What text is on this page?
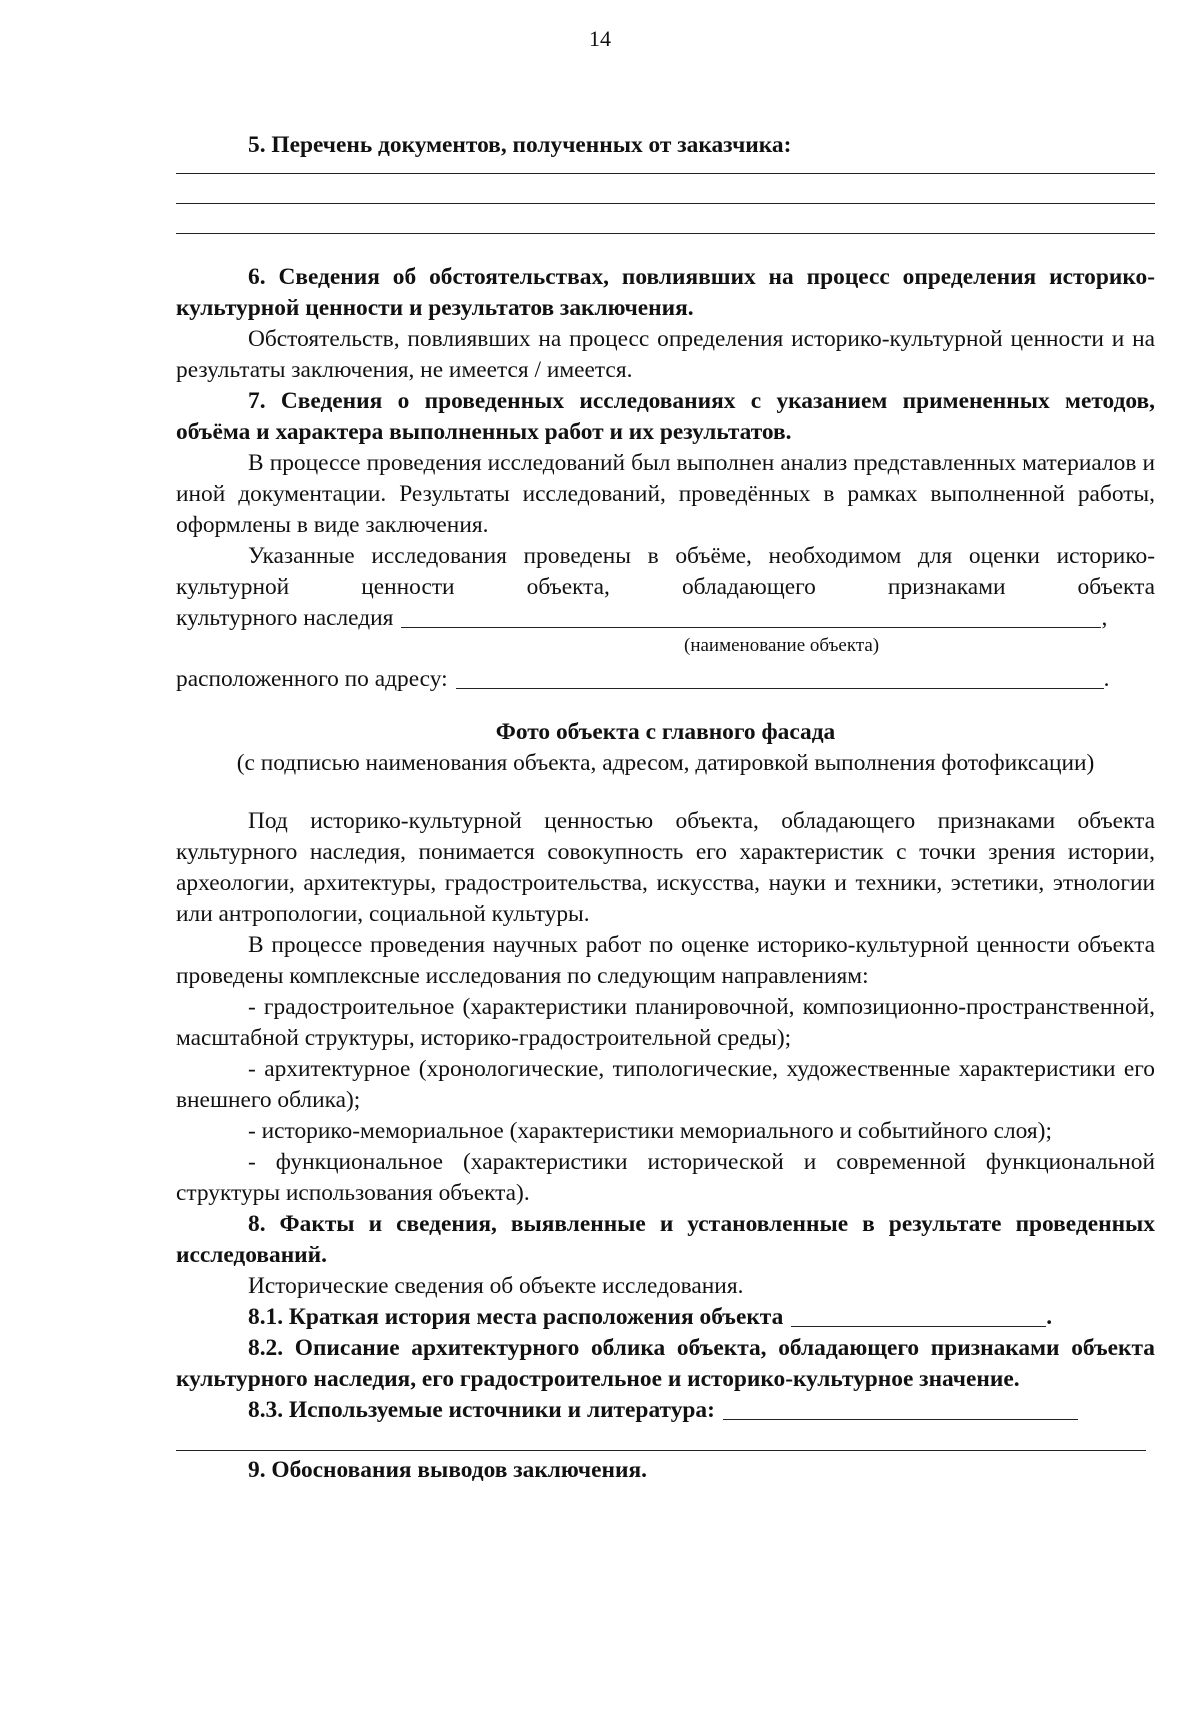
14

5. Перечень документов, полученных от заказчика:

6. Сведения об обстоятельствах, повлиявших на процесс определения историко-культурной ценности и результатов заключения.

Обстоятельств, повлиявших на процесс определения историко-культурной ценности и на результаты заключения, не имеется / имеется.

7. Сведения о проведенных исследованиях с указанием примененных методов, объёма и характера выполненных работ и их результатов.

В процессе проведения исследований был выполнен анализ представленных материалов и иной документации. Результаты исследований, проведённых в рамках выполненной работы, оформлены в виде заключения.

Указанные исследования проведены в объёме, необходимом для оценки историко-культурной ценности объекта, обладающего признаками объекта

культурного наследия	,
(наименование объекта)
расположенного по адресу:	.

Фото объекта с главного фасада

(с подписью наименования объекта, адресом, датировкой выполнения фотофиксации)

Под историко-культурной ценностью объекта, обладающего признаками объекта культурного наследия, понимается совокупность его характеристик с точки зрения истории, археологии, архитектуры, градостроительства, искусства, науки и техники, эстетики, этнологии или антропологии, социальной культуры.

В процессе проведения научных работ по оценке историко-культурной ценности объекта проведены комплексные исследования по следующим направлениям:

- градостроительное (характеристики планировочной, композиционно-пространственной, масштабной структуры, историко-градостроительной среды);

- архитектурное (хронологические, типологические, художественные характеристики его внешнего облика);

- историко-мемориальное (характеристики мемориального и событийного слоя);

- функциональное (характеристики исторической и современной функциональной структуры использования объекта).

8. Факты и сведения, выявленные и установленные в результате проведенных исследований.

Исторические сведения об объекте исследования.

8.1. Краткая история места расположения объекта	.

8.2. Описание архитектурного облика объекта, обладающего признаками объекта культурного наследия, его градостроительное и историко-культурное значение.

8.3. Используемые источники и литература:

9. Обоснования выводов заключения.
